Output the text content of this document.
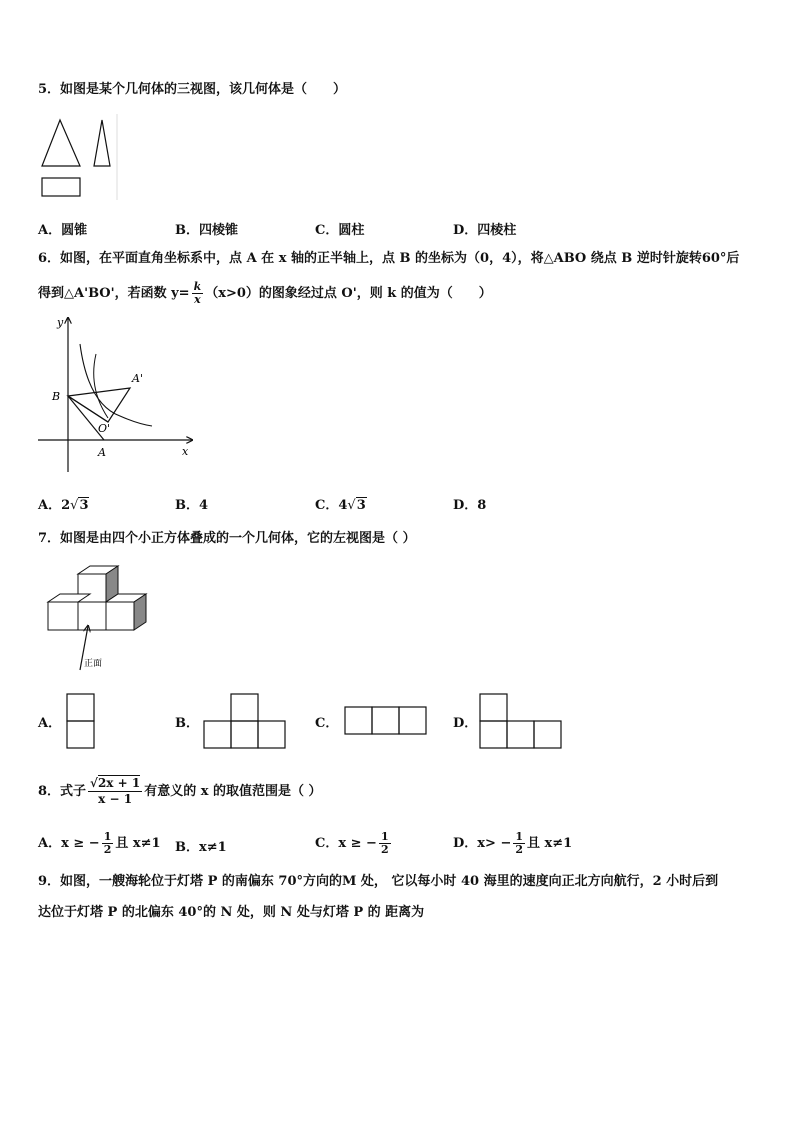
5．如图是某个几何体的三视图，该几何体是（　　）
A．圆锥	B．四棱锥	C．圆柱	D．四棱柱
6．如图，在平面直角坐标系中，点 A 在 x 轴的正半轴上，点 B 的坐标为（0，4），将△ABO 绕点 B 逆时针旋转60°后
得到△A'BO'，若函数 $y= \frac{k}{x} (x>0)$的图象经过点 O'，则 k 的值为（　　）
y
x
B
A
A'
O'
A．2√3	B．4	C．4√3	D．8
7．如图是由四个小正方体叠成的一个几何体，它的左视图是（ ）
正面
A．	B．	C．	D．
8．式子 $\frac{√2x + 1}{x - 1}$ 有意义的 x 的取值范围是（ ）
A．x ≥ − $\frac{1}{2}$ 且 x≠1 B．x≠1	C．x ≥ − $\frac{1}{2}$	D．$x> - \frac{1}{2}$ 且 x≠1
9．如图，一艘海轮位于灯塔 P 的南偏东 70°方向的M 处， 它以每小时 40 海里的速度向正北方向航行，2 小时后到
达位于灯塔 P 的北偏东 40°的 N 处，则 N 处与灯塔 P 的 距离为
